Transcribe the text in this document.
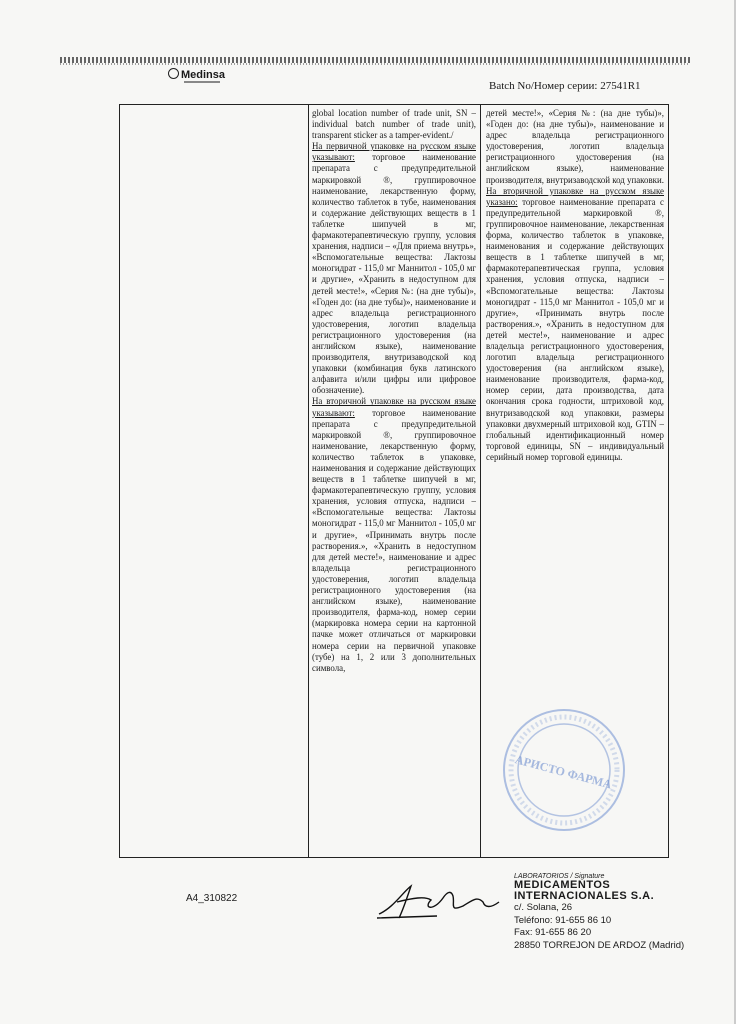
Medinsa
Batch No/Номер серии: 27541R1

global location number of trade unit, SN – individual batch number of trade unit), transparent sticker as a tamper-evident./

На первичной упаковке на русском языке указывают: торговое наименование препарата с предупредительной маркировкой ®, группировочное наименование, лекарственную форму, количество таблеток в тубе, наименования и содержание действующих веществ в 1 таблетке шипучей в мг, фармакотерапевтическую группу, условия хранения, надписи – «Для приема внутрь», «Вспомогательные вещества: Лактозы моногидрат - 115,0 мг Маннитол - 105,0 мг и другие», «Хранить в недоступном для детей месте!», «Серия №: (на дне тубы)», «Годен до: (на дне тубы)», наименование и адрес владельца регистрационного удостоверения, логотип владельца регистрационного удостоверения (на английском языке), наименование производителя, внутризаводской код упаковки (комбинация букв латинского алфавита и/или цифры или цифровое обозначение).

На вторичной упаковке на русском языке указывают: торговое наименование препарата с предупредительной маркировкой ®, группировочное наименование, лекарственную форму, количество таблеток в упаковке, наименования и содержание действующих веществ в 1 таблетке шипучей в мг, фармакотерапевтическую группу, условия хранения, условия отпуска, надписи – «Вспомогательные вещества: Лактозы моногидрат - 115,0 мг Маннитол - 105,0 мг и другие», «Принимать внутрь после растворения.», «Хранить в недоступном для детей месте!», наименование и адрес владельца регистрационного удостоверения, логотип владельца регистрационного удостоверения (на английском языке), наименование производителя, фарма-код, номер серии (маркировка номера серии на картонной пачке может отличаться от маркировки номера серии на первичной упаковке (тубе) на 1, 2 или 3 дополнительных символа,

детей месте!», «Серия №: (на дне тубы)», «Годен до: (на дне тубы)», наименование и адрес владельца регистрационного удостоверения, логотип владельца регистрационного удостоверения (на английском языке), наименование производителя, внутризаводской код упаковки.

На вторичной упаковке на русском языке указано: торговое наименование препарата с предупредительной маркировкой ®, группировочное наименование, лекарственная форма, количество таблеток в упаковке, наименования и содержание действующих веществ в 1 таблетке шипучей в мг, фармакотерапевтическая группа, условия хранения, условия отпуска, надписи – «Вспомогательные вещества: Лактозы моногидрат - 115,0 мг Маннитол - 105,0 мг и другие», «Принимать внутрь после растворения.», «Хранить в недоступном для детей месте!», наименование и адрес владельца регистрационного удостоверения, логотип владельца регистрационного удостоверения (на английском языке), наименование производителя, фарма-код, номер серии, дата производства, дата окончания срока годности, штриховой код, внутризаводской код упаковки, размеры упаковки двухмерный штриховой код, GTIN – глобальный идентификационный номер торговой единицы, SN – индивидуальный серийный номер торговой единицы.

АРИСТО ФАРМА
A4_310822
LABORATORIOS / Signature
MEDICAMENTOS
INTERNACIONALES S.A.
c/. Solana, 26
Teléfono: 91-655 86 10
Fax: 91-655 86 20
28850 TORREJON DE ARDOZ (Madrid)
